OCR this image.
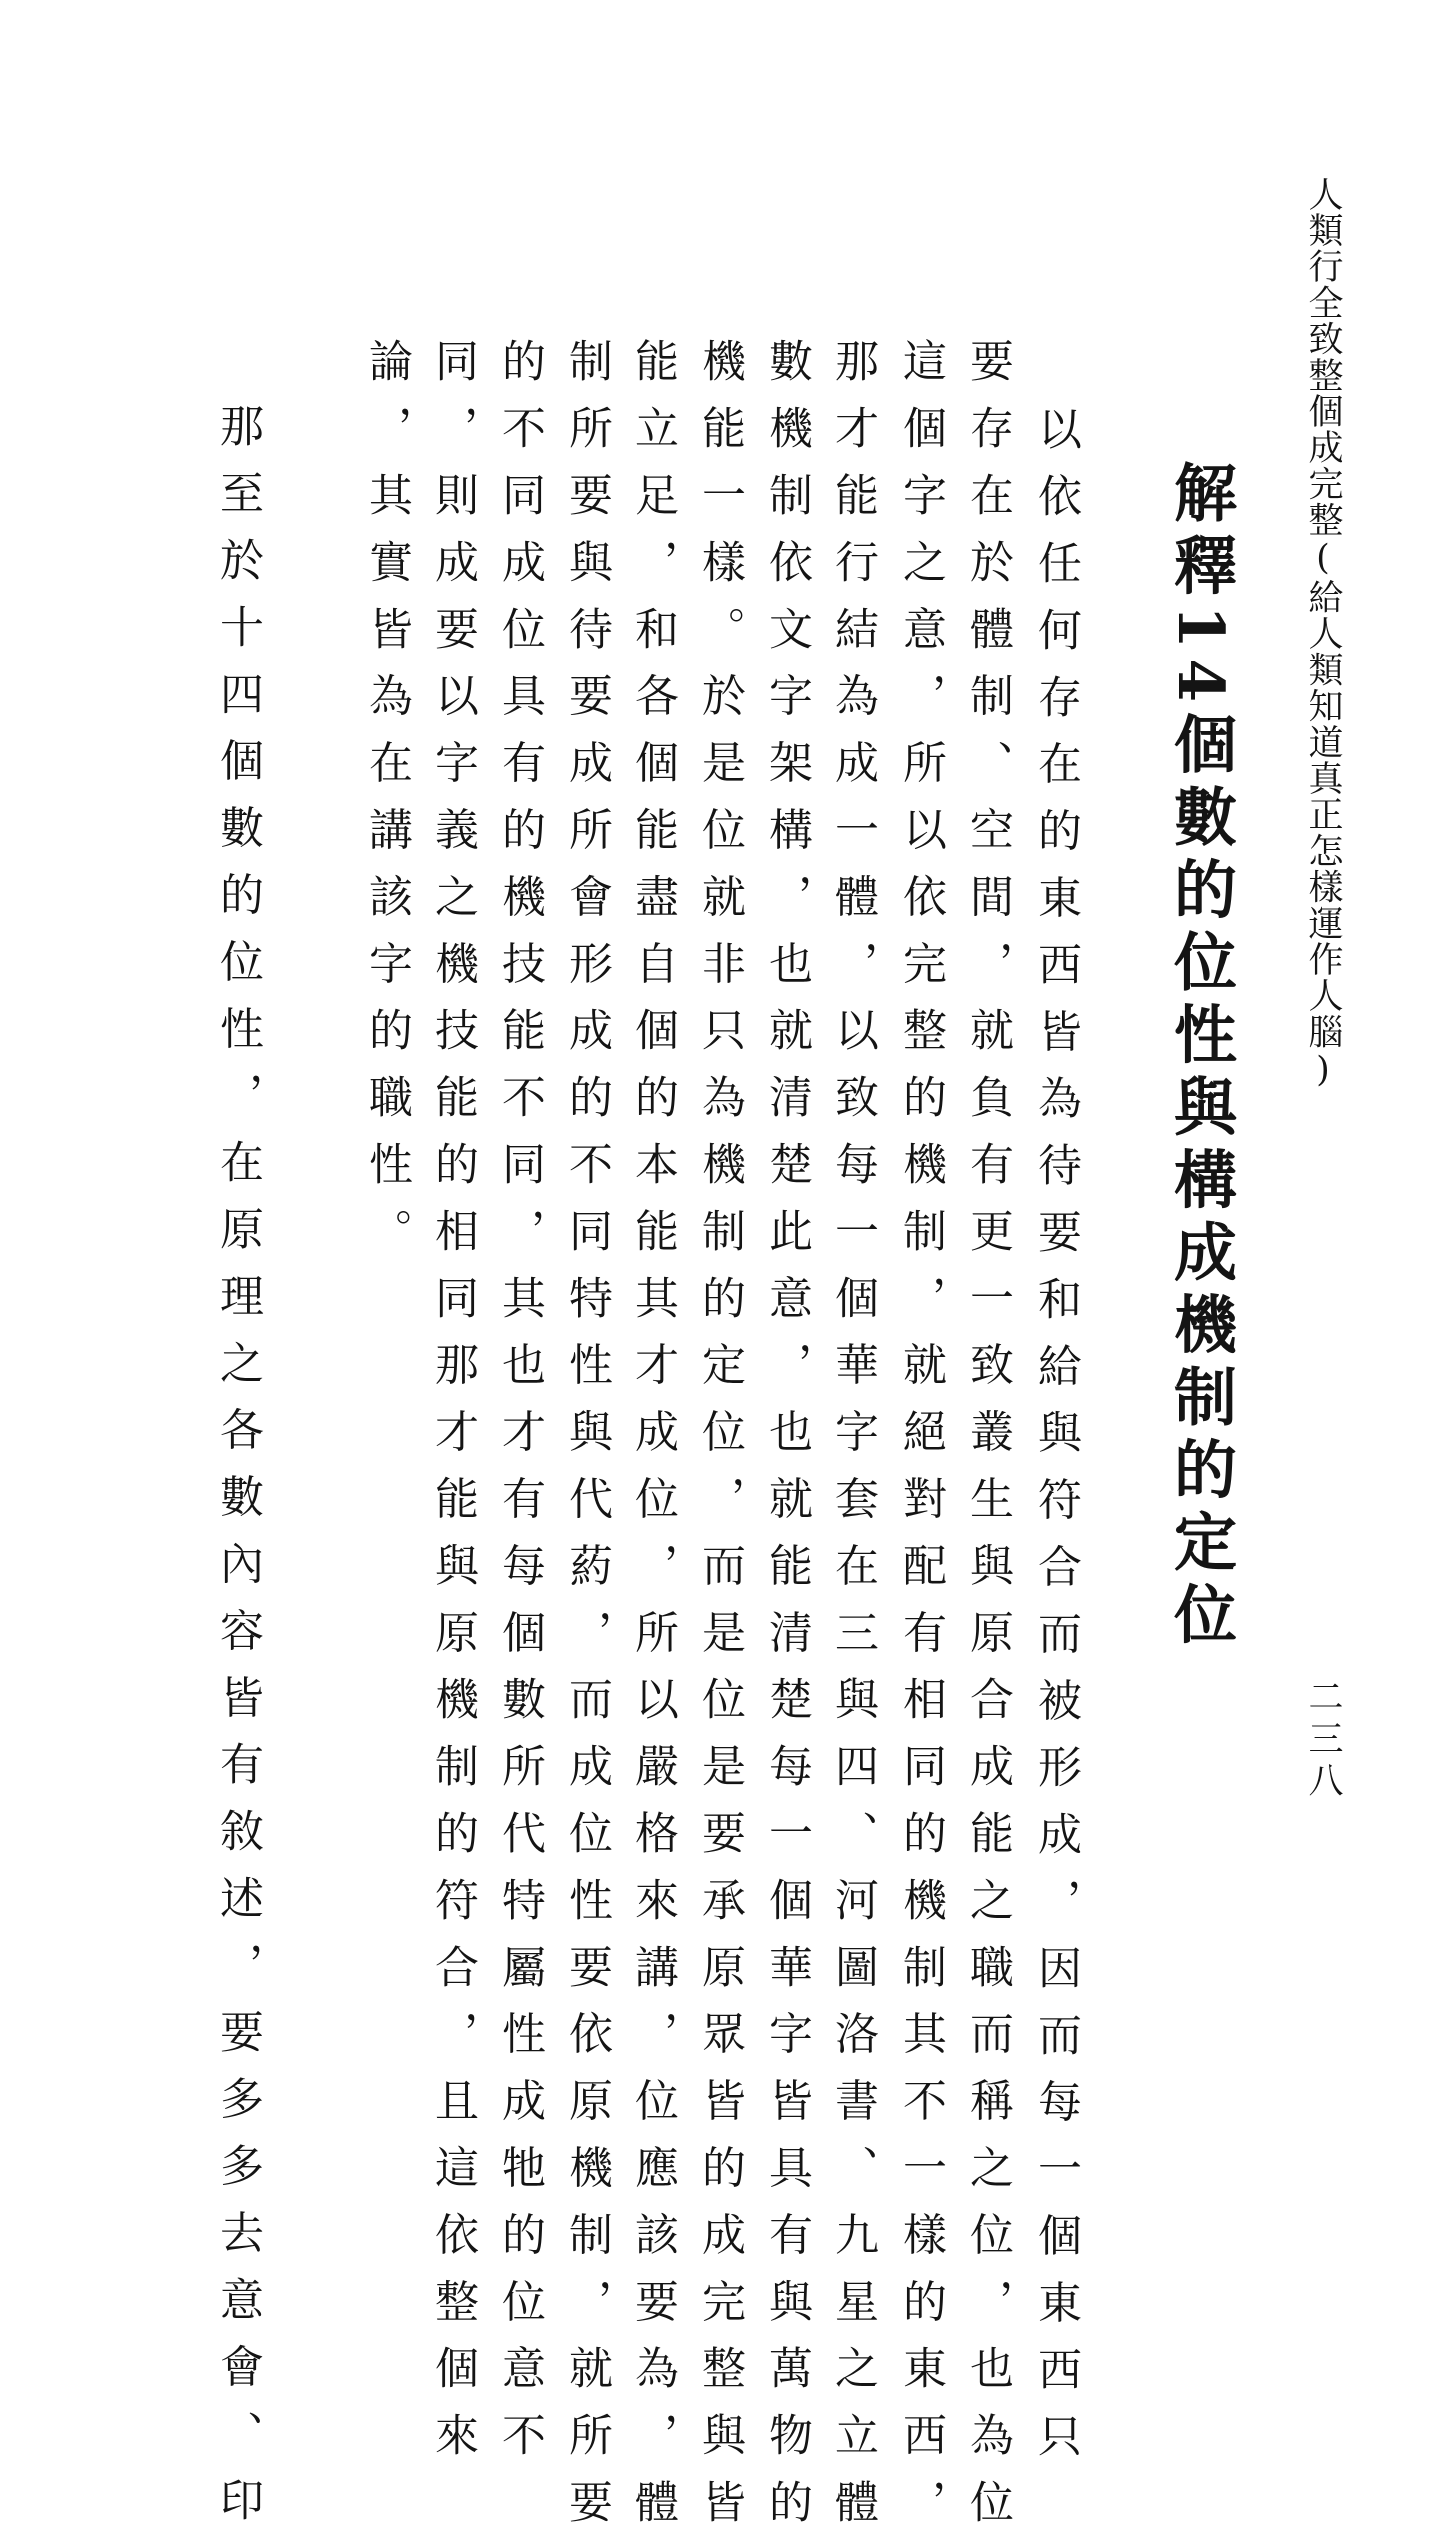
人類行全致整個成完整(給人類知道真正怎樣運作人腦)

二三八

解釋14個數的位性與構成機制的定位

以依任何存在的東西皆為待要和給與符合而被形成，因而每一個東西只

要存在於體制、空間，就負有更一致叢生與原合成能之職而稱之位，也為位

這個字之意，所以依完整的機制，就絕對配有相同的機制其不一樣的東西，

那才能行結為成一體，以致每一個華字套在三與四、河圖洛書、九星之立體

數機制依文字架構，也就清楚此意，也就能清楚每一個華字皆具有與萬物的

機能一樣。於是位就非只為機制的定位，而是位是要承原眾皆的成完整與皆

能立足，和各個能盡自個的本能其才成位，所以嚴格來講，位應該要為，體

制所要與待要成所會形成的不同特性與代葯，而成位性要依原機制，就所要

的不同成位具有的機技能不同，其也才有每個數所代特屬性成牠的位意不

同，則成要以字義之機技能的相同那才能與原機制的符合，且這依整個來

論，其實皆為在講該字的職性。

那至於十四個數的位性，在原理之各數內容皆有敘述，要多多去意會、印
